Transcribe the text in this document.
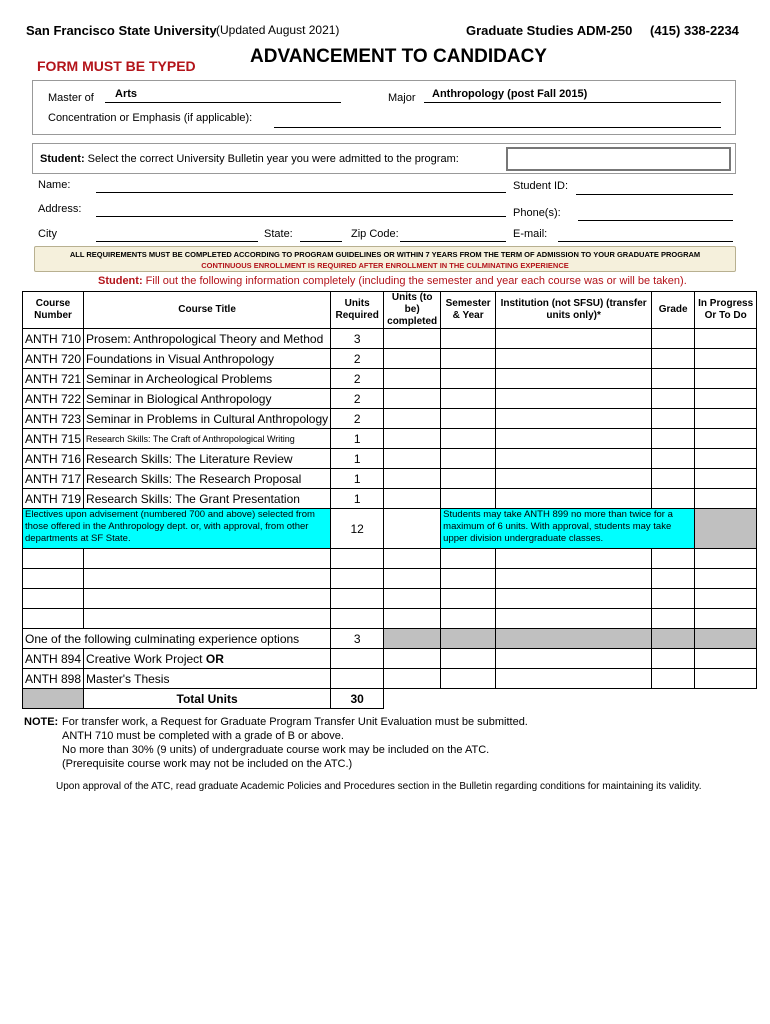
San Francisco State University (Updated August 2021)	Graduate Studies ADM-250 (415) 338-2234
ADVANCEMENT TO CANDIDACY
FORM MUST BE TYPED
Master of Arts	Major Anthropology (post Fall 2015)
Concentration or Emphasis (if applicable):
Student: Select the correct University Bulletin year you were admitted to the program:
Name:	Student ID:
Address:	Phone(s):
City	State:	Zip Code:	E-mail:
ALL REQUIREMENTS MUST BE COMPLETED ACCORDING TO PROGRAM GUIDELINES OR WITHIN 7 YEARS FROM THE TERM OF ADMISSION TO YOUR GRADUATE PROGRAM
CONTINUOUS ENROLLMENT IS REQUIRED AFTER ENROLLMENT IN THE CULMINATING EXPERIENCE
Student: Fill out the following information completely (including the semester and year each course was or will be taken).
Course Number	Course Title	Units Required	Units (to be) completed	Semester & Year	Institution (not SFSU) (transfer units only)*	Grade	In Progress Or To Do
ANTH 710	Prosem: Anthropological Theory and Method	3					
ANTH 720	Foundations in Visual Anthropology	2					
ANTH 721	Seminar in Archeological Problems	2					
ANTH 722	Seminar in Biological Anthropology	2					
ANTH 723	Seminar in Problems in Cultural Anthropology	2					
ANTH 715	Research Skills: The Craft of Anthropological Writing	1					
ANTH 716	Research Skills: The Literature Review	1					
ANTH 717	Research Skills: The Research Proposal	1					
ANTH 719	Research Skills: The Grant Presentation	1					
Electives upon advisement (numbered 700 and above) selected from those offered in the Anthropology dept. or, with approval, from other departments at SF State.		12		Students may take ANTH 899 no more than twice for a maximum of 6 units. With approval, students may take upper division undergraduate classes.			

One of the following culminating experience options		3					
ANTH 894	Creative Work Project OR						
ANTH 898	Master's Thesis						
	Total Units	30					
NOTE: For transfer work, a Request for Graduate Program Transfer Unit Evaluation must be submitted.
ANTH 710 must be completed with a grade of B or above.
No more than 30% (9 units) of undergraduate course work may be included on the ATC.
(Prerequisite course work may not be included on the ATC.)
Upon approval of the ATC, read graduate Academic Policies and Procedures section in the Bulletin regarding conditions for maintaining its validity.
